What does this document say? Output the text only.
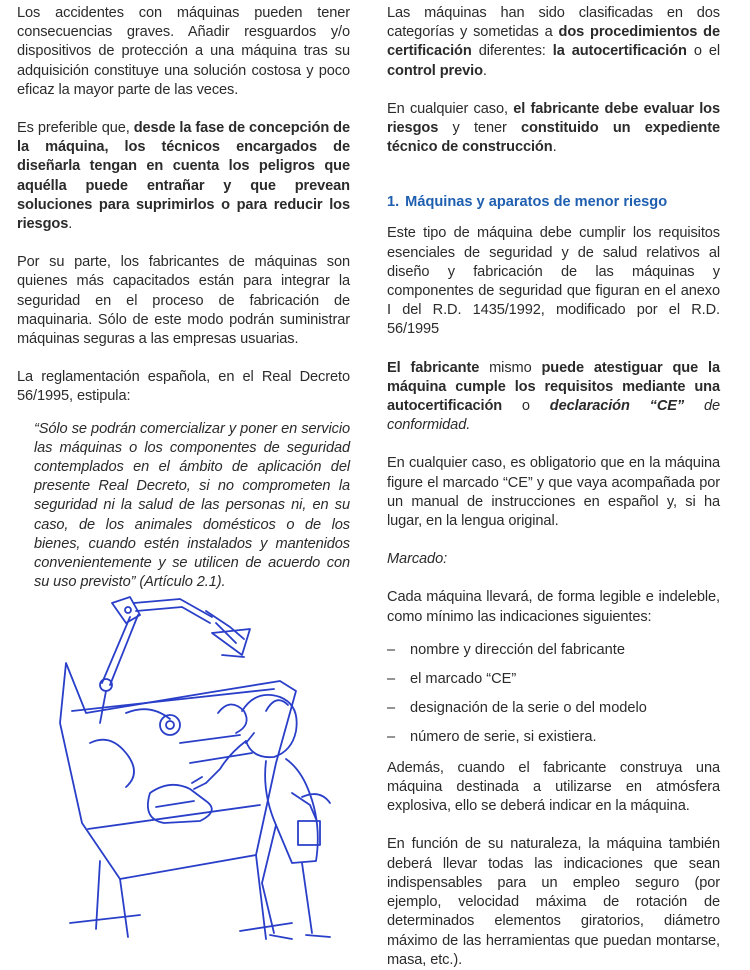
Los accidentes con máquinas pueden tener consecuencias graves. Añadir resguardos y/o dispositivos de protección a una máquina tras su adquisición constituye una solución costosa y poco eficaz la mayor parte de las veces.

Es preferible que, desde la fase de concepción de la máquina, los técnicos encargados de diseñarla tengan en cuenta los peligros que aquélla puede entrañar y que prevean soluciones para suprimirlos o para reducir los riesgos.

Por su parte, los fabricantes de máquinas son quienes más capacitados están para integrar la seguridad en el proceso de fabricación de maquinaria. Sólo de este modo podrán suministrar máquinas seguras a las empresas usuarias.

La reglamentación española, en el Real Decreto 56/1995, estipula:

“Sólo se podrán comercializar y poner en servicio las máquinas o los componentes de seguridad contemplados en el ámbito de aplicación del presente Real Decreto, si no comprometen la seguridad ni la salud de las personas ni, en su caso, de los animales domésticos o de los bienes, cuando estén instalados y mantenidos convenientemente y se utilicen de acuerdo con su uso previsto” (Artículo 2.1).

Las máquinas han sido clasificadas en dos categorías y sometidas a dos procedimientos de certificación diferentes: la autocertificación o el control previo.

En cualquier caso, el fabricante debe evaluar los riesgos y tener constituido un expediente técnico de construcción.

1. Máquinas y aparatos de menor riesgo

Este tipo de máquina debe cumplir los requisitos esenciales de seguridad y de salud relativos al diseño y fabricación de las máquinas y componentes de seguridad que figuran en el anexo I del R.D. 1435/1992, modificado por el R.D. 56/1995

El fabricante mismo puede atestiguar que la máquina cumple los requisitos mediante una autocertificación o declaración “CE” de conformidad.

En cualquier caso, es obligatorio que en la máquina figure el marcado “CE” y que vaya acompañada por un manual de instrucciones en español y, si ha lugar, en la lengua original.

Marcado:

Cada máquina llevará, de forma legible e indeleble, como mínimo las indicaciones siguientes:

–	nombre y dirección del fabricante
–	el marcado “CE”
–	designación de la serie o del modelo
–	número de serie, si existiera.

Además, cuando el fabricante construya una máquina destinada a utilizarse en atmósfera explosiva, ello se deberá indicar en la máquina.

En función de su naturaleza, la máquina también deberá llevar todas las indicaciones que sean indispensables para un empleo seguro (por ejemplo, velocidad máxima de rotación de determinados elementos giratorios, diámetro máximo de las herramientas que puedan montarse, masa, etc.).
